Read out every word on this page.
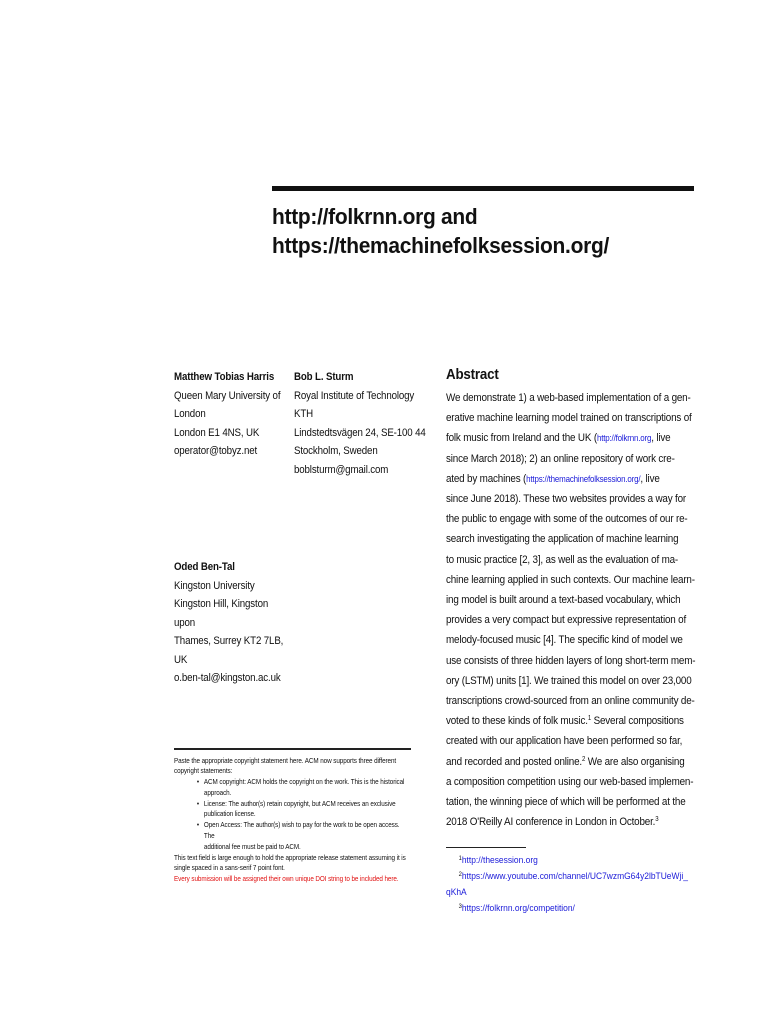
http://folkrnn.org and
https://themachinefolksession.org/
Matthew Tobias Harris
Queen Mary University of
London
London E1 4NS, UK
operator@tobyz.net
Bob L. Sturm
Royal Institute of Technology
KTH
Lindstedtsvägen 24, SE-100 44
Stockholm, Sweden
boblsturm@gmail.com
Oded Ben-Tal
Kingston University
Kingston Hill, Kingston upon
Thames, Surrey KT2 7LB, UK
o.ben-tal@kingston.ac.uk
Paste the appropriate copyright statement here. ACM now supports three different
copyright statements:
• ACM copyright: ACM holds the copyright on the work. This is the historical
approach.
• License: The author(s) retain copyright, but ACM receives an exclusive
publication license.
• Open Access: The author(s) wish to pay for the work to be open access. The
additional fee must be paid to ACM.
This text field is large enough to hold the appropriate release statement assuming it is
single spaced in a sans-serif 7 point font.
Every submission will be assigned their own unique DOI string to be included here.
Abstract
We demonstrate 1) a web-based implementation of a gen-
erative machine learning model trained on transcriptions of
folk music from Ireland and the UK (http://folkrnn.org, live
since March 2018); 2) an online repository of work cre-
ated by machines (https://themachinefolksession.org/, live
since June 2018). These two websites provides a way for
the public to engage with some of the outcomes of our re-
search investigating the application of machine learning
to music practice [2, 3], as well as the evaluation of ma-
chine learning applied in such contexts. Our machine learn-
ing model is built around a text-based vocabulary, which
provides a very compact but expressive representation of
melody-focused music [4]. The specific kind of model we
use consists of three hidden layers of long short-term mem-
ory (LSTM) units [1]. We trained this model on over 23,000
transcriptions crowd-sourced from an online community de-
voted to these kinds of folk music.$^1$ Several compositions
created with our application have been performed so far,
and recorded and posted online.$^2$ We are also organising
a composition competition using our web-based implemen-
tation, the winning piece of which will be performed at the
2018 O'Reilly AI conference in London in October.$^3$
$^1$http://thesession.org
$^2$https://www.youtube.com/channel/UC7wzmG64y2lbTUeWji_
qKhA
$^3$https://folkrnn.org/competition/
